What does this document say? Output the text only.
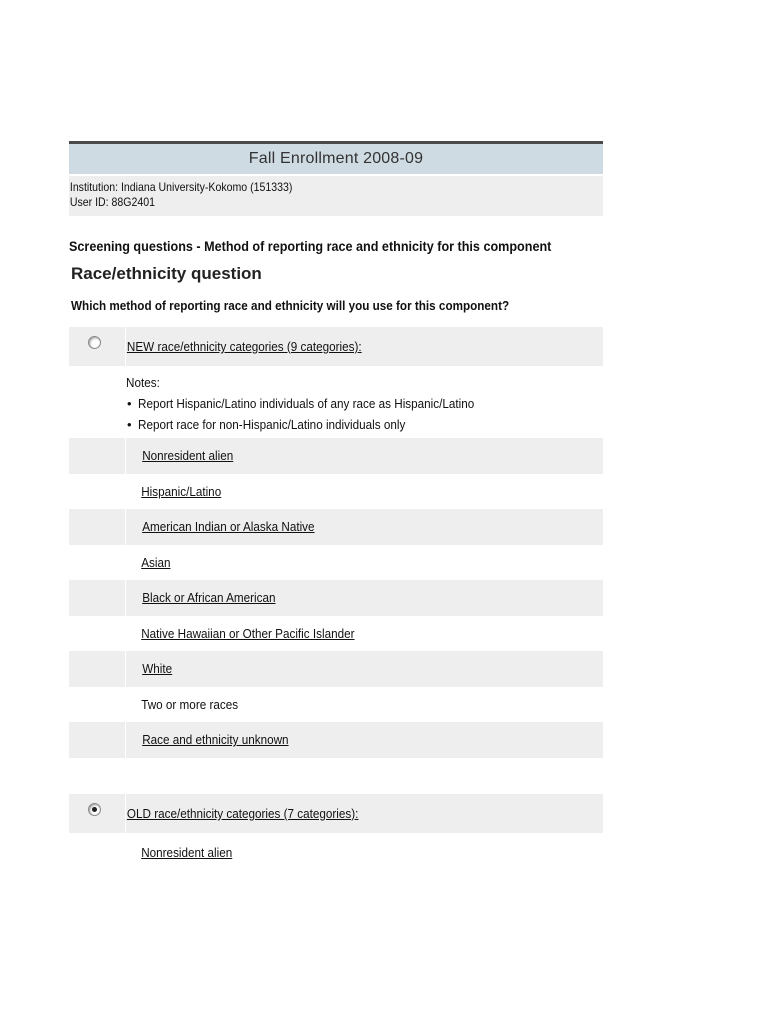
Fall Enrollment 2008-09
Institution: Indiana University-Kokomo (151333)
User ID: 88G2401
Screening questions - Method of reporting race and ethnicity for this component
Race/ethnicity question
Which method of reporting race and ethnicity will you use for this component?
NEW race/ethnicity categories (9 categories):
Notes:
• Report Hispanic/Latino individuals of any race as Hispanic/Latino
• Report race for non-Hispanic/Latino individuals only
Nonresident alien
Hispanic/Latino
American Indian or Alaska Native
Asian
Black or African American
Native Hawaiian or Other Pacific Islander
White
Two or more races
Race and ethnicity unknown
OLD race/ethnicity categories (7 categories):
Nonresident alien
